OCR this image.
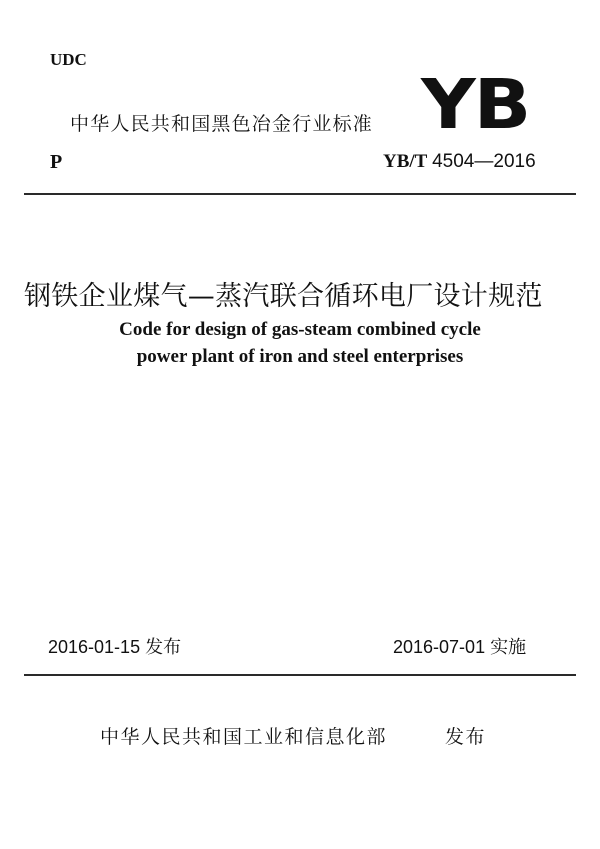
UDC
中华人民共和国黑色冶金行业标准 YB
P	YB/T 4504—2016
钢铁企业煤气—蒸汽联合循环电厂设计规范
Code for design of gas-steam combined cycle
power plant of iron and steel enterprises
2016-01-15 发布	2016-07-01 实施
中华人民共和国工业和信息化部	发布
